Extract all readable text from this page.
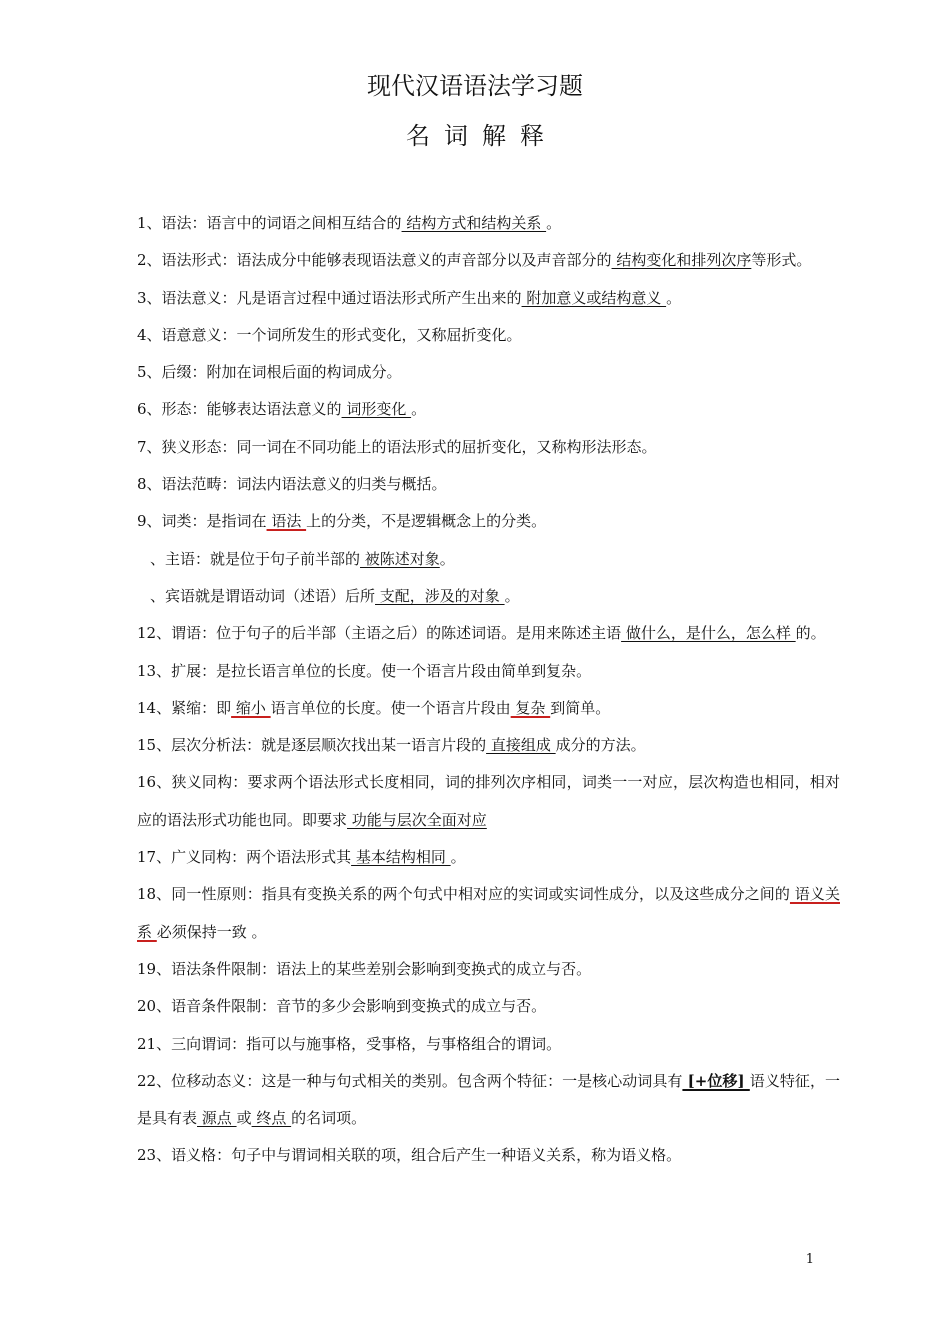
现代汉语语法学习题
名词解释

1、语法：语言中的词语之间相互结合的 结构方式和结构关系 。

2、语法形式：语法成分中能够表现语法意义的声音部分以及声音部分的 结构变化和排列次序等形式。

3、语法意义：凡是语言过程中通过语法形式所产生出来的 附加意义或结构意义 。

4、语意意义：一个词所发生的形式变化，又称屈折变化。

5、后缀：附加在词根后面的构词成分。

6、形态：能够表达语法意义的 词形变化 。

7、狭义形态：同一词在不同功能上的语法形式的屈折变化，又称构形法形态。

8、语法范畴：词法内语法意义的归类与概括。

9、词类：是指词在 语法 上的分类，不是逻辑概念上的分类。

、主语：就是位于句子前半部的 被陈述对象。

、宾语就是谓语动词（述语）后所 支配，涉及的对象 。

12、谓语：位于句子的后半部（主语之后）的陈述词语。是用来陈述主语 做什么，是什么，怎么样 的。

13、扩展：是拉长语言单位的长度。使一个语言片段由简单到复杂。

14、紧缩：即 缩小 语言单位的长度。使一个语言片段由 复杂 到简单。

15、层次分析法：就是逐层顺次找出某一语言片段的 直接组成 成分的方法。

16、狭义同构：要求两个语法形式长度相同，词的排列次序相同，词类一一对应，层次构造也相同，相对应的语法形式功能也同。即要求 功能与层次全面对应

17、广义同构：两个语法形式其 基本结构相同 。

18、同一性原则：指具有变换关系的两个句式中相对应的实词或实词性成分，以及这些成分之间的 语义关系 必须保持一致 。

19、语法条件限制：语法上的某些差别会影响到变换式的成立与否。

20、语音条件限制：音节的多少会影响到变换式的成立与否。

21、三向谓词：指可以与施事格，受事格，与事格组合的谓词。

22、位移动态义：这是一种与句式相关的类别。包含两个特征：一是核心动词具有 [+位移] 语义特征，一是具有表 源点 或 终点 的名词项。

23、语义格：句子中与谓词相关联的项，组合后产生一种语义关系，称为语义格。

1
